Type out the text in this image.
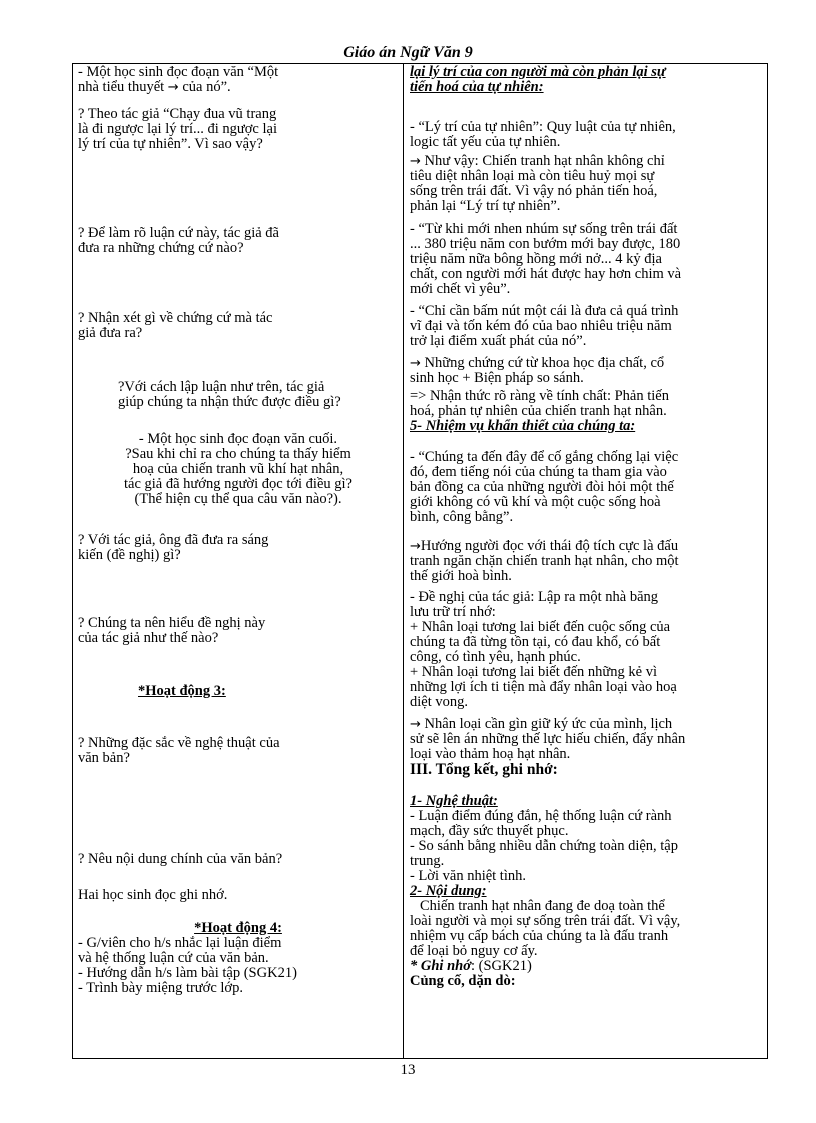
Giáo án Ngữ Văn 9
- Một học sinh đọc đoạn văn “Một
nhà tiểu thuyết → của nó”.
? Theo tác giả “Chạy đua vũ trang
là đi ngược lại lý trí... đi ngược lại
lý trí của tự nhiên”. Vì sao vậy?
? Để làm rõ luận cứ này, tác giả đã
đưa ra những chứng cứ nào?
? Nhận xét gì về chứng cứ mà tác
giả đưa ra?
?Với cách lập luận như trên, tác giả
giúp chúng ta nhận thức được điều gì?
- Một học sinh đọc đoạn văn cuối.
?Sau khi chỉ ra cho chúng ta thấy hiểm
hoạ của chiến tranh vũ khí hạt nhân,
tác giả đã hướng người đọc tới điều gì?
(Thể hiện cụ thể qua câu văn nào?).
? Với tác giả, ông đã đưa ra sáng
kiến (đề nghị) gì?
? Chúng ta nên hiểu đề nghị này
của tác giả như thế nào?
*Hoạt động 3:
? Những đặc sắc về nghệ thuật của
văn bản?
? Nêu nội dung chính của văn bản?
Hai học sinh đọc ghi nhớ.
*Hoạt động 4:
- G/viên cho h/s nhắc lại luận điểm
và hệ thống luận cứ của văn bản.
- Hướng dẫn h/s làm bài tập (SGK21)
- Trình bày miệng trước lớp.
lại lý trí của con người mà còn phản lại sự
tiến hoá của tự nhiên:
- “Lý trí của tự nhiên”: Quy luật của tự nhiên,
logic tất yếu của tự nhiên.
→ Như vậy: Chiến tranh hạt nhân không chỉ
tiêu diệt nhân loại mà còn tiêu huỷ mọi sự
sống trên trái đất. Vì vậy nó phản tiến hoá,
phản lại “Lý trí tự nhiên”.
- “Từ khi mới nhen nhúm sự sống trên trái đất
... 380 triệu năm con bướm mới bay được, 180
triệu năm nữa bông hồng mới nở... 4 kỷ địa
chất, con người mới hát được hay hơn chim và
mới chết vì yêu”.
- “Chỉ cần bấm nút một cái là đưa cả quá trình
vĩ đại và tốn kém đó của bao nhiêu triệu năm
trở lại điểm xuất phát của nó”.
→ Những chứng cứ từ khoa học địa chất, cổ
sinh học + Biện pháp so sánh.
=> Nhận thức rõ ràng về tính chất: Phản tiến
hoá, phản tự nhiên của chiến tranh hạt nhân.
5- Nhiệm vụ khẩn thiết của chúng ta:
- “Chúng ta đến đây để cố gắng chống lại việc
đó, đem tiếng nói của chúng ta tham gia vào
bản đồng ca của những người đòi hỏi một thế
giới không có vũ khí và một cuộc sống hoà
bình, công bằng”.
→Hướng người đọc với thái độ tích cực là đấu
tranh ngăn chặn chiến tranh hạt nhân, cho một
thế giới hoà bình.
- Đề nghị của tác giả: Lập ra một nhà băng
lưu trữ trí nhớ:
+ Nhân loại tương lai biết đến cuộc sống của
chúng ta đã từng tồn tại, có đau khổ, có bất
công, có tình yêu, hạnh phúc.
+ Nhân loại tương lai biết đến những kẻ vì
những lợi ích ti tiện mà đẩy nhân loại vào hoạ
diệt vong.
→ Nhân loại cần gìn giữ ký ức của mình, lịch
sử sẽ lên án những thế lực hiếu chiến, đẩy nhân
loại vào thảm hoạ hạt nhân.
III. Tổng kết, ghi nhớ:
1- Nghệ thuật:
- Luận điểm đúng đắn, hệ thống luận cứ rành
mạch, đầy sức thuyết phục.
- So sánh bằng nhiều dẫn chứng toàn diện, tập
trung.
- Lời văn nhiệt tình.
2- Nội dung:
Chiến tranh hạt nhân đang đe doạ toàn thể
loài người và mọi sự sống trên trái đất. Vì vậy,
nhiệm vụ cấp bách của chúng ta là đấu tranh
để loại bỏ nguy cơ ấy.
* Ghi nhớ: (SGK21)
Củng cố, dặn dò:
13
